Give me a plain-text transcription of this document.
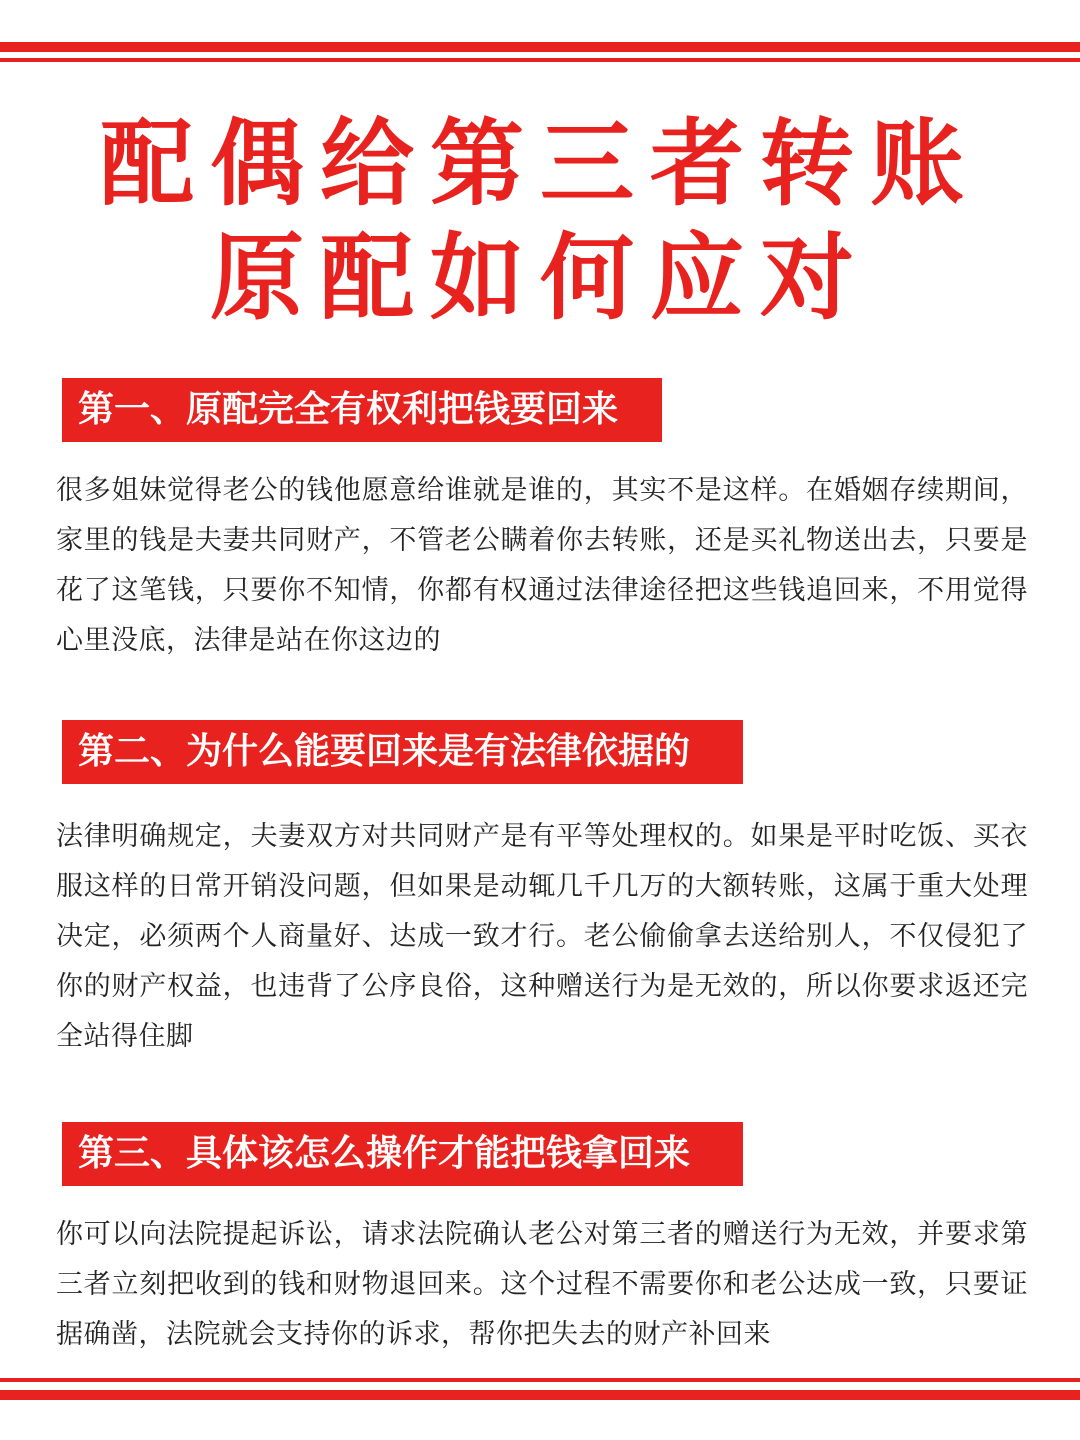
配偶给第三者转账
原配如何应对
第一、原配完全有权利把钱要回来

很多姐妹觉得老公的钱他愿意给谁就是谁的，其实不是这样。在婚姻存续期间，家里的钱是夫妻共同财产，不管老公瞒着你去转账，还是买礼物送出去，只要是花了这笔钱，只要你不知情，你都有权通过法律途径把这些钱追回来，不用觉得心里没底，法律是站在你这边的

第二、为什么能要回来是有法律依据的

法律明确规定，夫妻双方对共同财产是有平等处理权的。如果是平时吃饭、买衣服这样的日常开销没问题，但如果是动辄几千几万的大额转账，这属于重大处理决定，必须两个人商量好、达成一致才行。老公偷偷拿去送给别人，不仅侵犯了你的财产权益，也违背了公序良俗，这种赠送行为是无效的，所以你要求返还完全站得住脚

第三、具体该怎么操作才能把钱拿回来

你可以向法院提起诉讼，请求法院确认老公对第三者的赠送行为无效，并要求第三者立刻把收到的钱和财物退回来。这个过程不需要你和老公达成一致，只要证据确凿，法院就会支持你的诉求，帮你把失去的财产补回来
